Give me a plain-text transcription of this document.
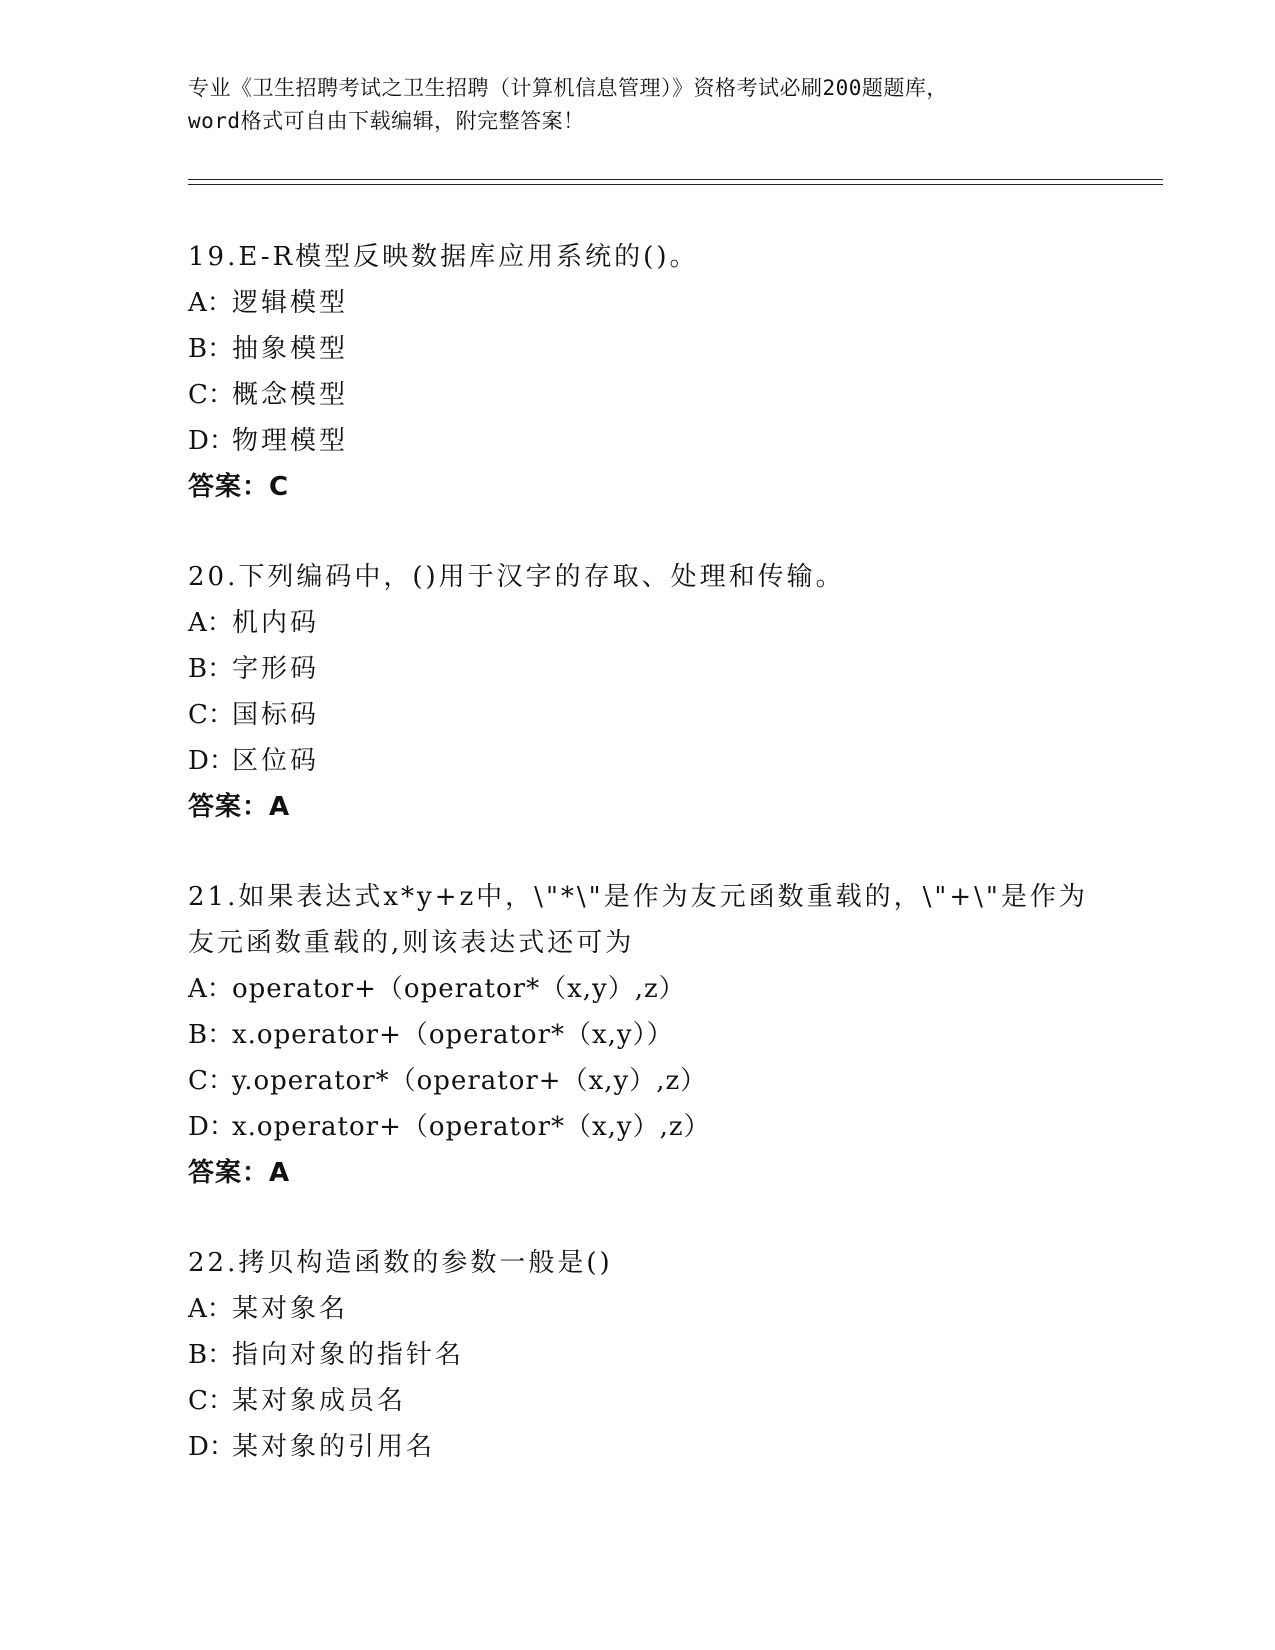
专业《卫生招聘考试之卫生招聘（计算机信息管理）》资格考试必刷200题题库，

word格式可自由下载编辑，附完整答案！

19.E-R模型反映数据库应用系统的()。

A：逻辑模型

B：抽象模型

C：概念模型

D：物理模型

答案：C

20.下列编码中，()用于汉字的存取、处理和传输。

A：机内码

B：字形码

C：国标码

D：区位码

答案：A

21.如果表达式x*y+z中，\"*\"是作为友元函数重载的，\"+\"是作为

友元函数重载的,则该表达式还可为

A：operator+（operator*（x,y）,z）

B：x.operator+（operator*（x,y））

C：y.operator*（operator+（x,y）,z）

D：x.operator+（operator*（x,y）,z）

答案：A

22.拷贝构造函数的参数一般是()

A：某对象名

B：指向对象的指针名

C：某对象成员名

D：某对象的引用名
